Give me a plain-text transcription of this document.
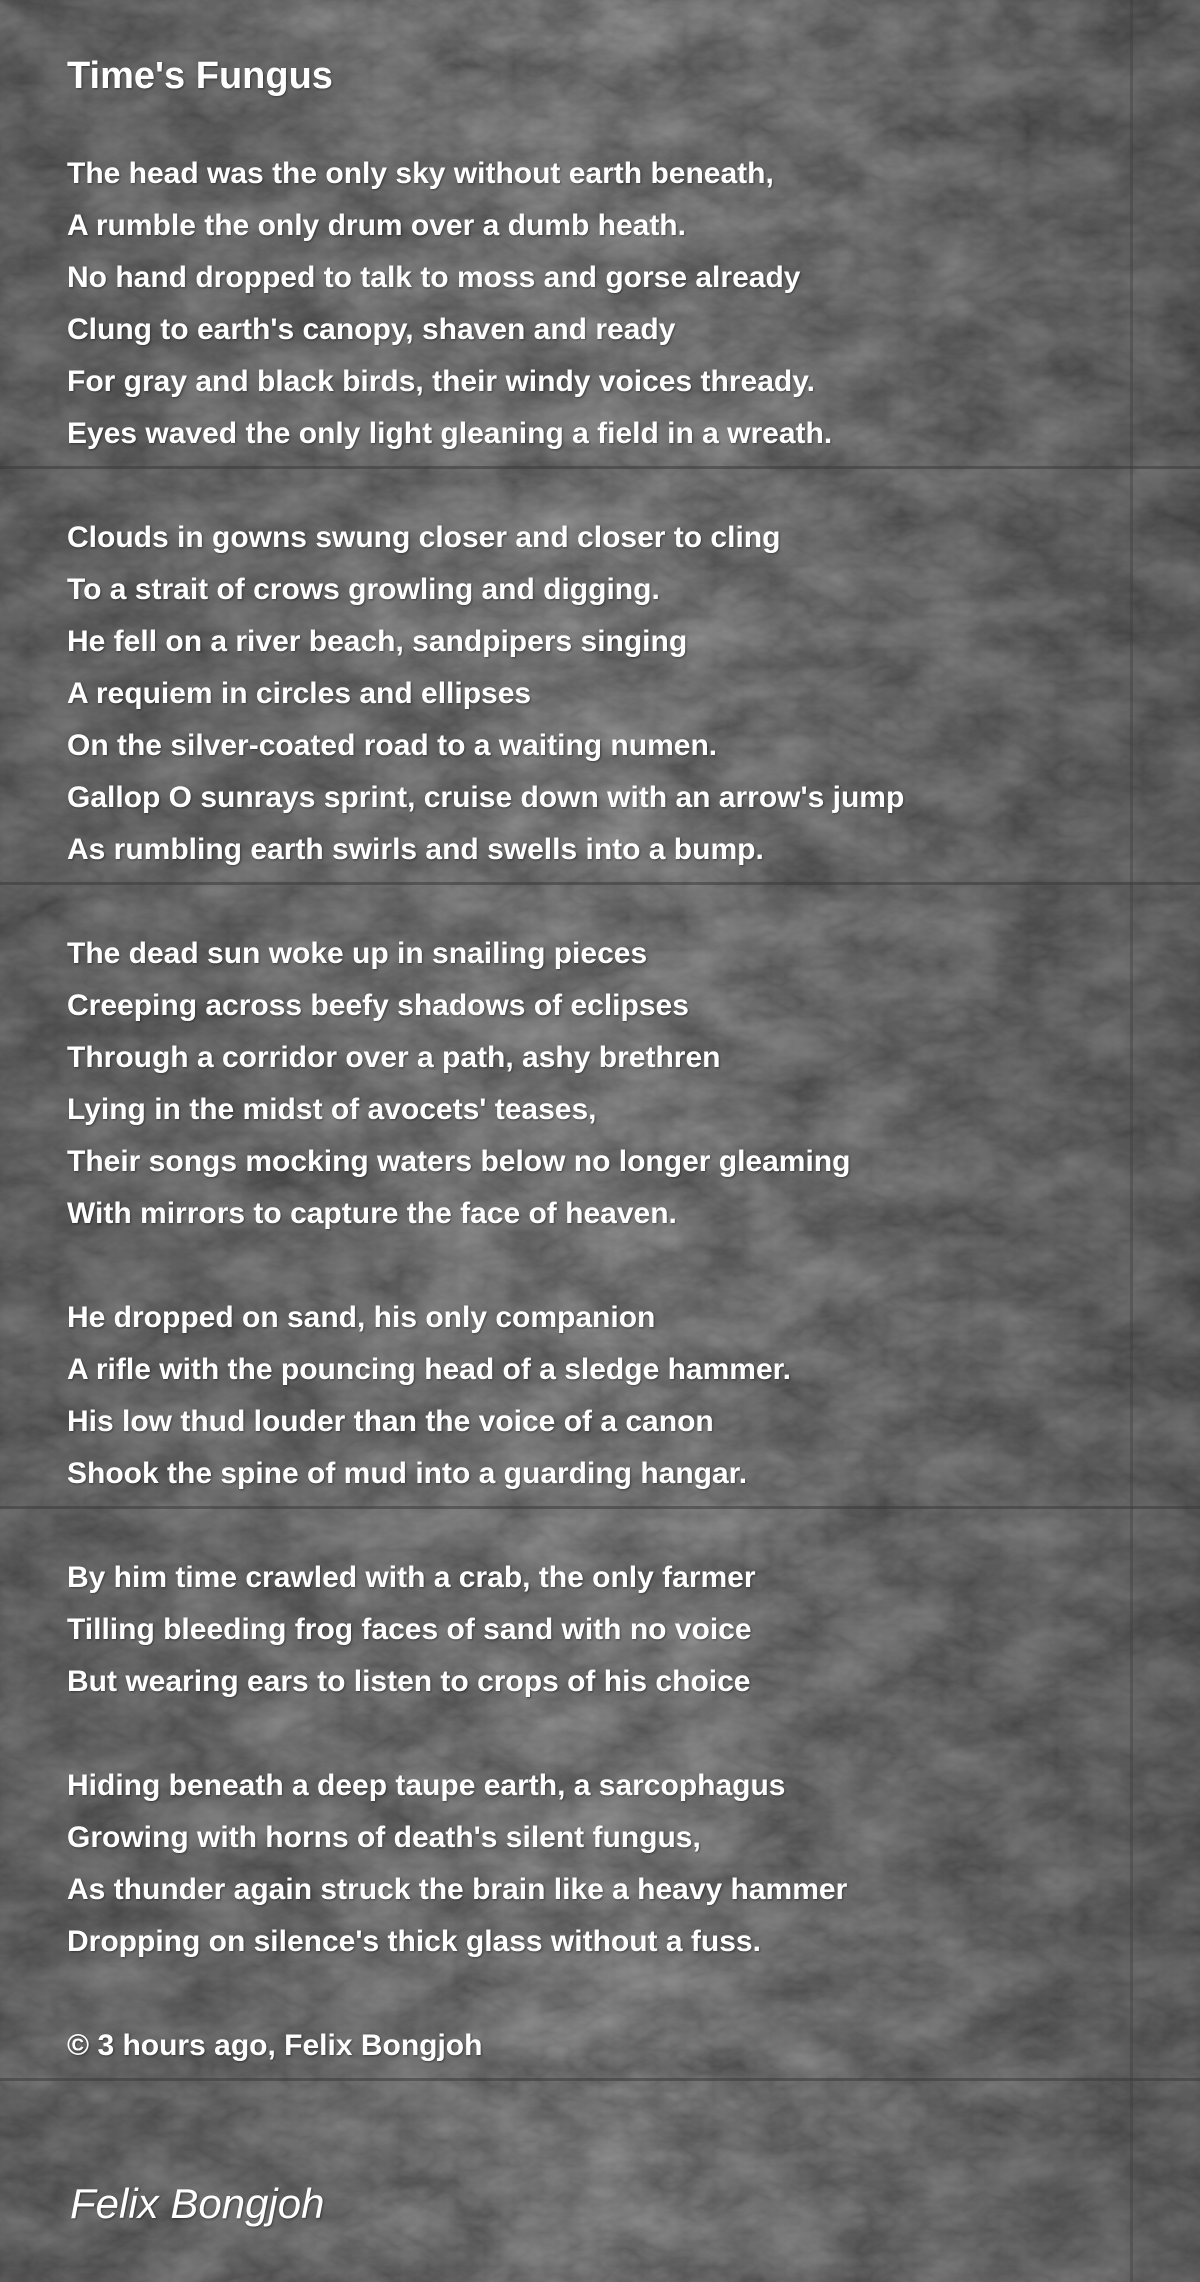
Time's Fungus
The head was the only sky without earth beneath,
A rumble the only drum over a dumb heath.
No hand dropped to talk to moss and gorse already
Clung to earth's canopy, shaven and ready
For gray and black birds, their windy voices thready.
Eyes waved the only light gleaning a field in a wreath.
Clouds in gowns swung closer and closer to cling
To a strait of crows growling and digging.
He fell on a river beach, sandpipers singing
A requiem in circles and ellipses
On the silver-coated road to a waiting numen.
Gallop O sunrays sprint, cruise down with an arrow's jump
As rumbling earth swirls and swells into a bump.
The dead sun woke up in snailing pieces
Creeping across beefy shadows of eclipses
Through a corridor over a path, ashy brethren
Lying in the midst of avocets' teases,
Their songs mocking waters below no longer gleaming
With mirrors to capture the face of heaven.
He dropped on sand, his only companion
A rifle with the pouncing head of a sledge hammer.
His low thud louder than the voice of a canon
Shook the spine of mud into a guarding hangar.
By him time crawled with a crab, the only farmer
Tilling bleeding frog faces of sand with no voice
But wearing ears to listen to crops of his choice
Hiding beneath a deep taupe earth, a sarcophagus
Growing with horns of death's silent fungus,
As thunder again struck the brain like a heavy hammer
Dropping on silence's thick glass without a fuss.
© 3 hours ago, Felix Bongjoh
Felix Bongjoh
